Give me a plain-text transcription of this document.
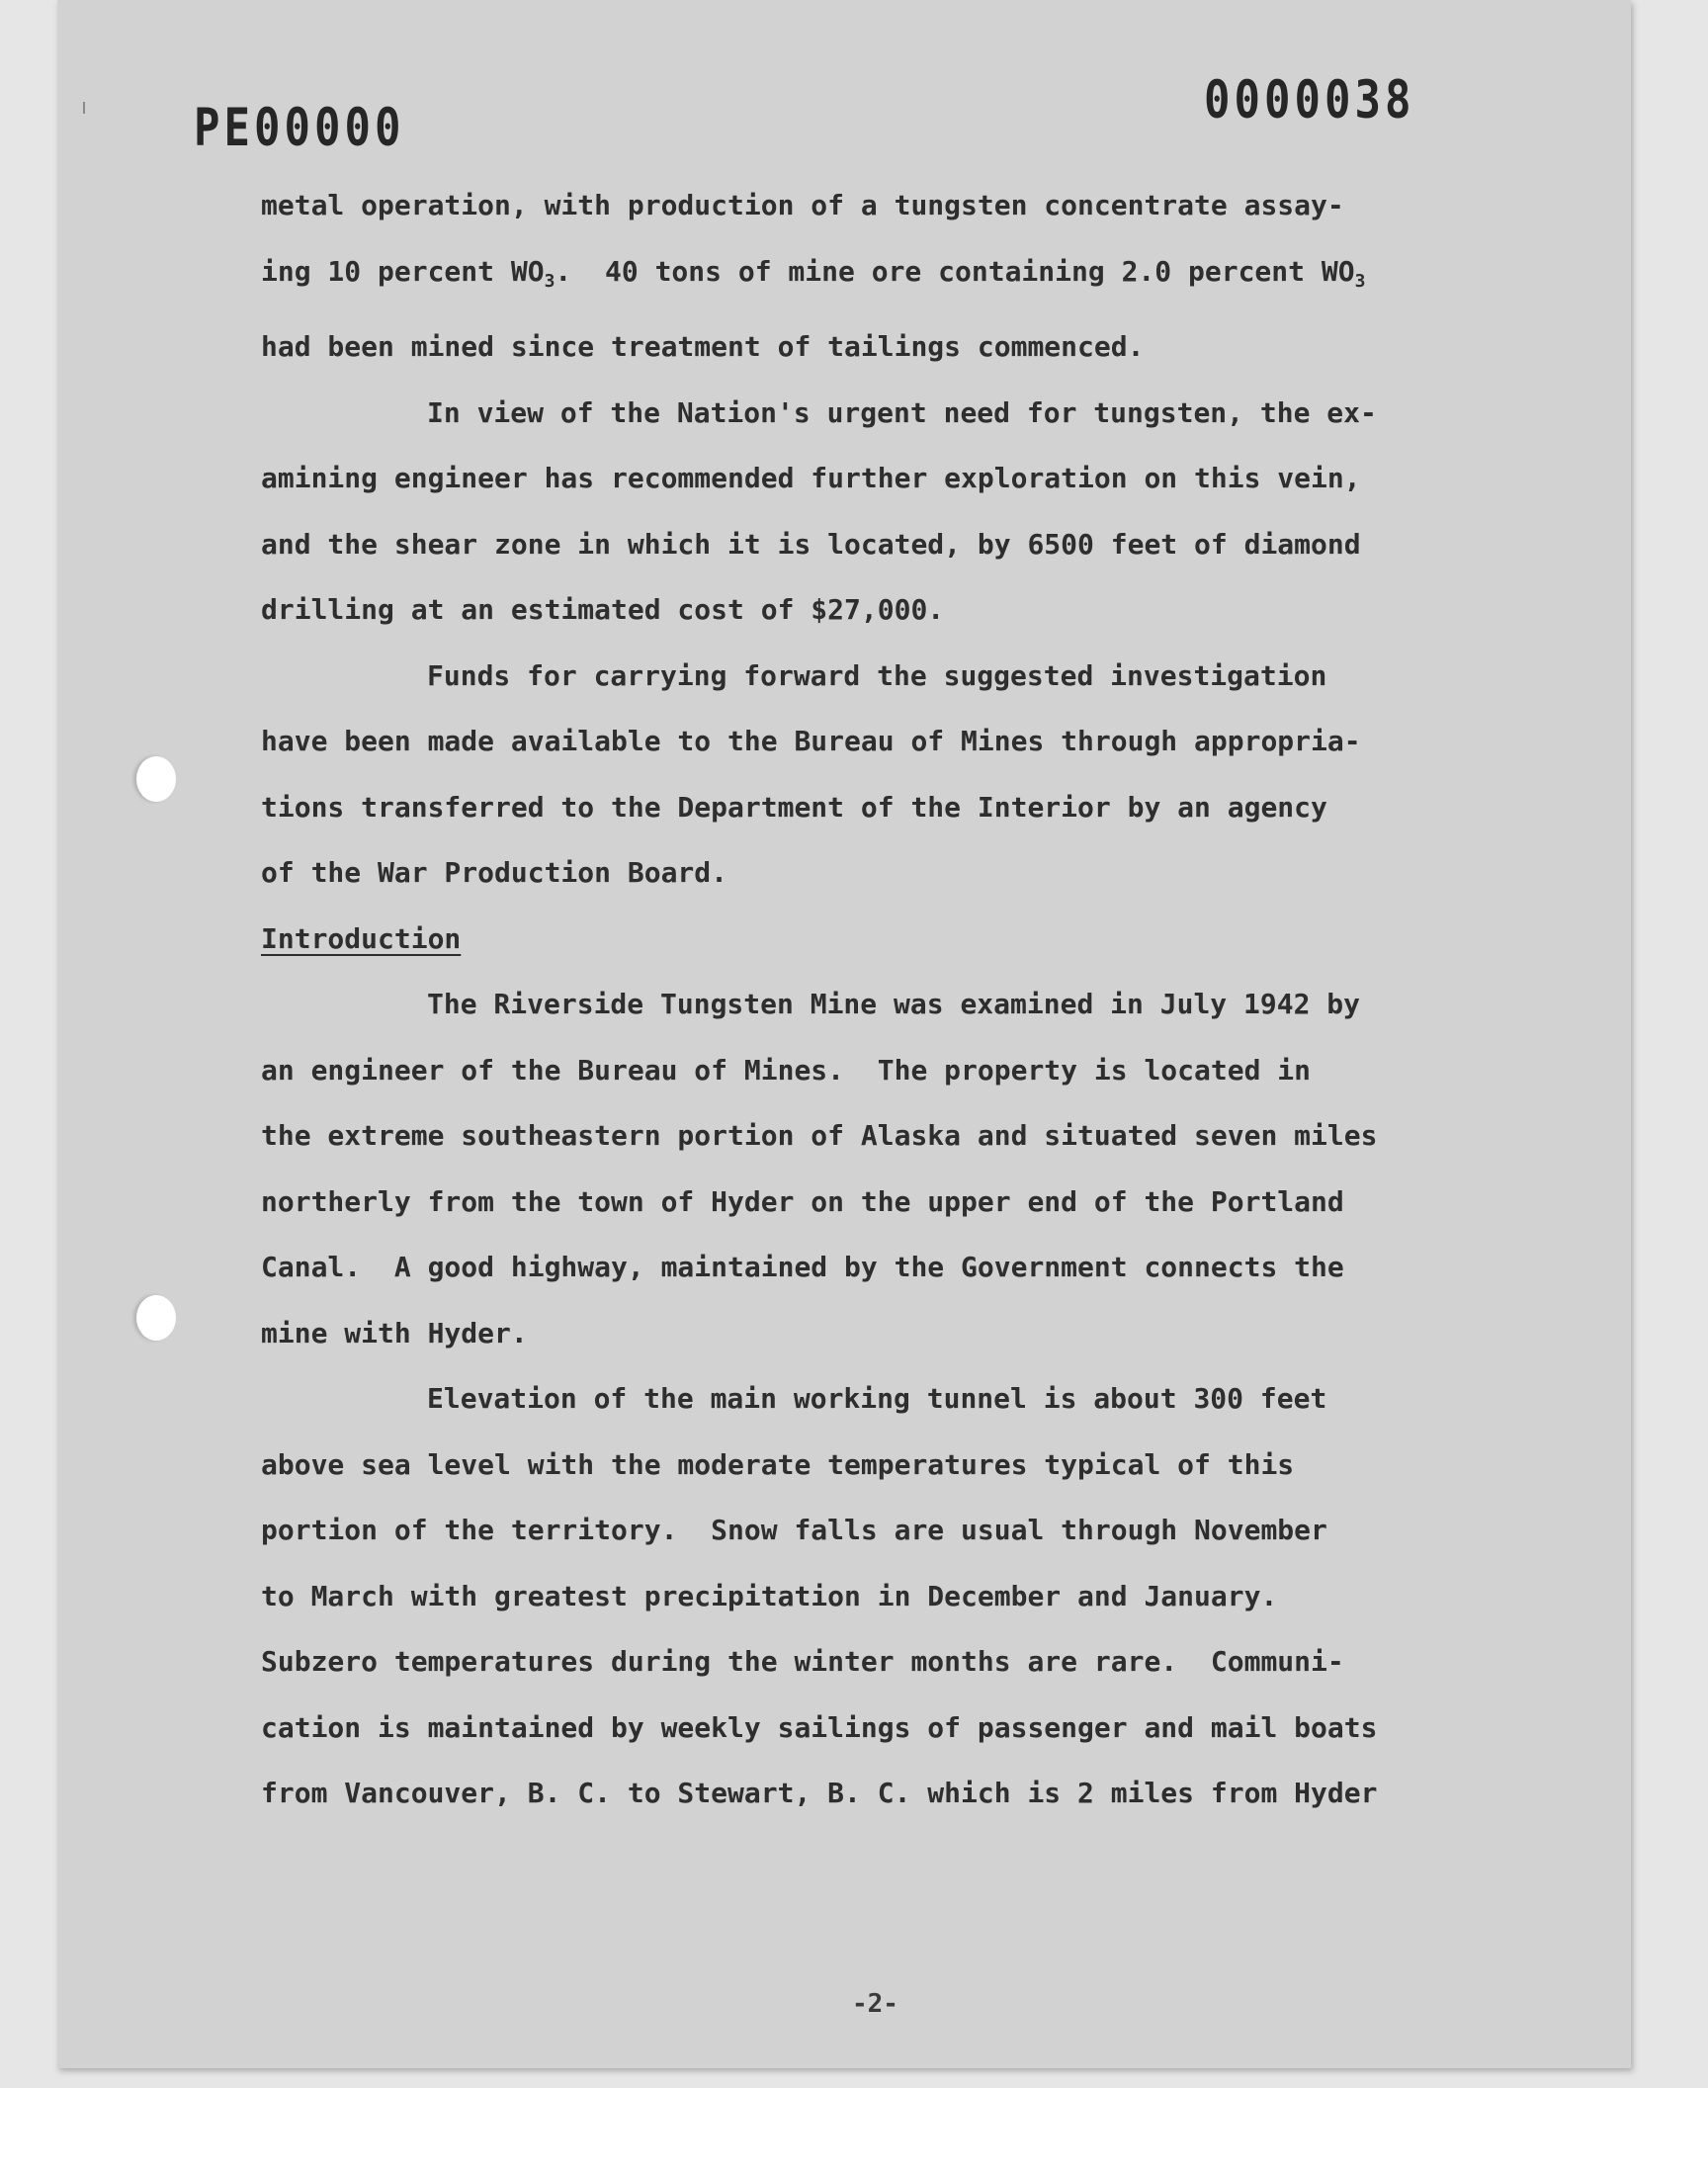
PE00000	0000038

metal operation, with production of a tungsten concentrate assay-

ing 10 percent $WO_3$.  40 tons of mine ore containing 2.0 percent $WO_3$

had been mined since treatment of tailings commenced.

In view of the Nation's urgent need for tungsten, the ex-

amining engineer has recommended further exploration on this vein,

and the shear zone in which it is located, by 6500 feet of diamond

drilling at an estimated cost of $27,000.

Funds for carrying forward the suggested investigation

have been made available to the Bureau of Mines through appropria-

tions transferred to the Department of the Interior by an agency

of the War Production Board.

Introduction

The Riverside Tungsten Mine was examined in July 1942 by

an engineer of the Bureau of Mines.  The property is located in

the extreme southeastern portion of Alaska and situated seven miles

northerly from the town of Hyder on the upper end of the Portland

Canal.  A good highway, maintained by the Government connects the

mine with Hyder.

Elevation of the main working tunnel is about 300 feet

above sea level with the moderate temperatures typical of this

portion of the territory.  Snow falls are usual through November

to March with greatest precipitation in December and January.

Subzero temperatures during the winter months are rare.  Communi-

cation is maintained by weekly sailings of passenger and mail boats

from Vancouver, B. C. to Stewart, B. C. which is 2 miles from Hyder

-2-
